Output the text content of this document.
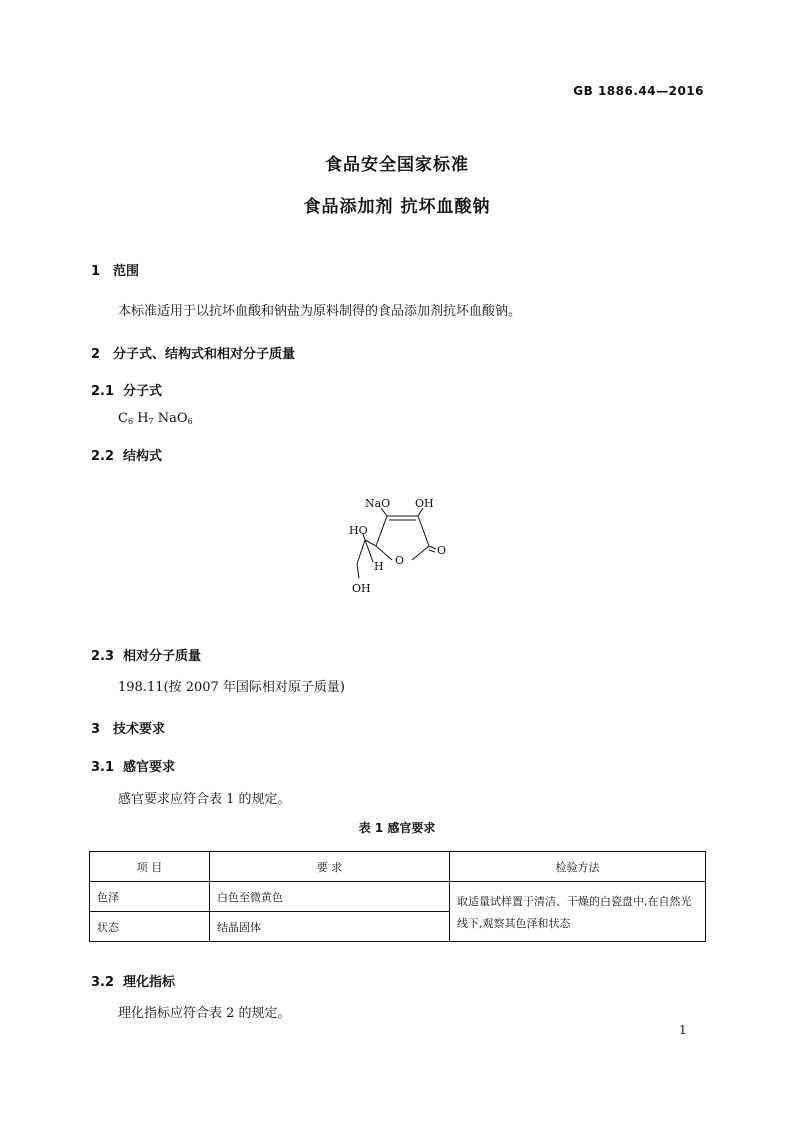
GB 1886.44—2016
食品安全国家标准
食品添加剂 抗坏血酸钠
1 范围
本标准适用于以抗坏血酸和钠盐为原料制得的食品添加剂抗坏血酸钠。
2 分子式、结构式和相对分子质量
2.1 分子式
$C_6$ $H_7$ NaO$_6$
2.2 结构式
NaO OH
HO
O
H O
OH
2.3 相对分子质量
198.11(按 2007 年国际相对原子质量)
3 技术要求
3.1 感官要求
感官要求应符合表 1 的规定。
表 1 感官要求
项 目	要 求	检验方法
色泽	白色至微黄色	取适量试样置于清洁、干燥的白瓷盘中,在自然光线下,观察其色泽和状态
状态	结晶固体	
3.2 理化指标
理化指标应符合表 2 的规定。
1
